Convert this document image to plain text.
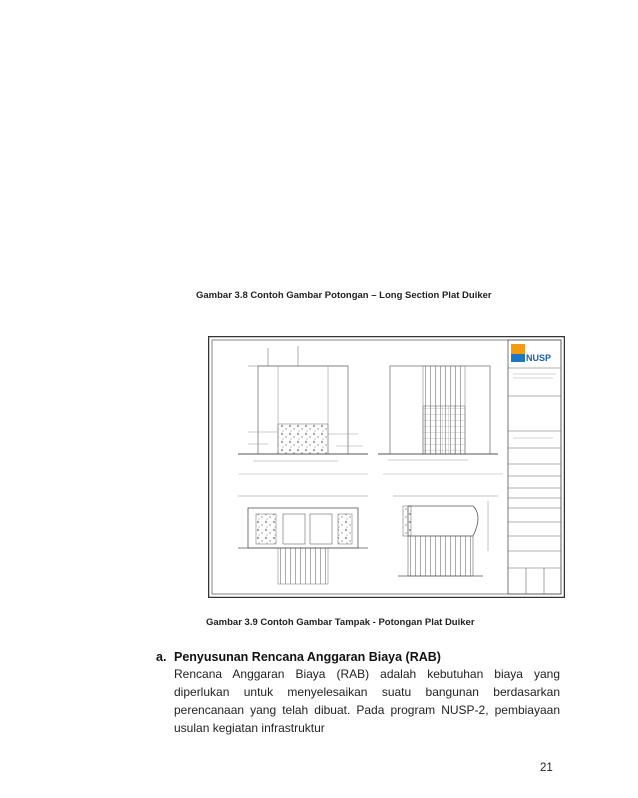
Gambar 3.8 Contoh Gambar Potongan – Long Section Plat Duiker
NUSP
Gambar 3.9 Contoh Gambar Tampak - Potongan Plat Duiker
a. Penyusunan Rencana Anggaran Biaya (RAB)

Rencana Anggaran Biaya (RAB) adalah kebutuhan biaya yang diperlukan untuk menyelesaikan suatu bangunan berdasarkan perencanaan yang telah dibuat. Pada program NUSP-2, pembiayaan usulan kegiatan infrastruktur

21
